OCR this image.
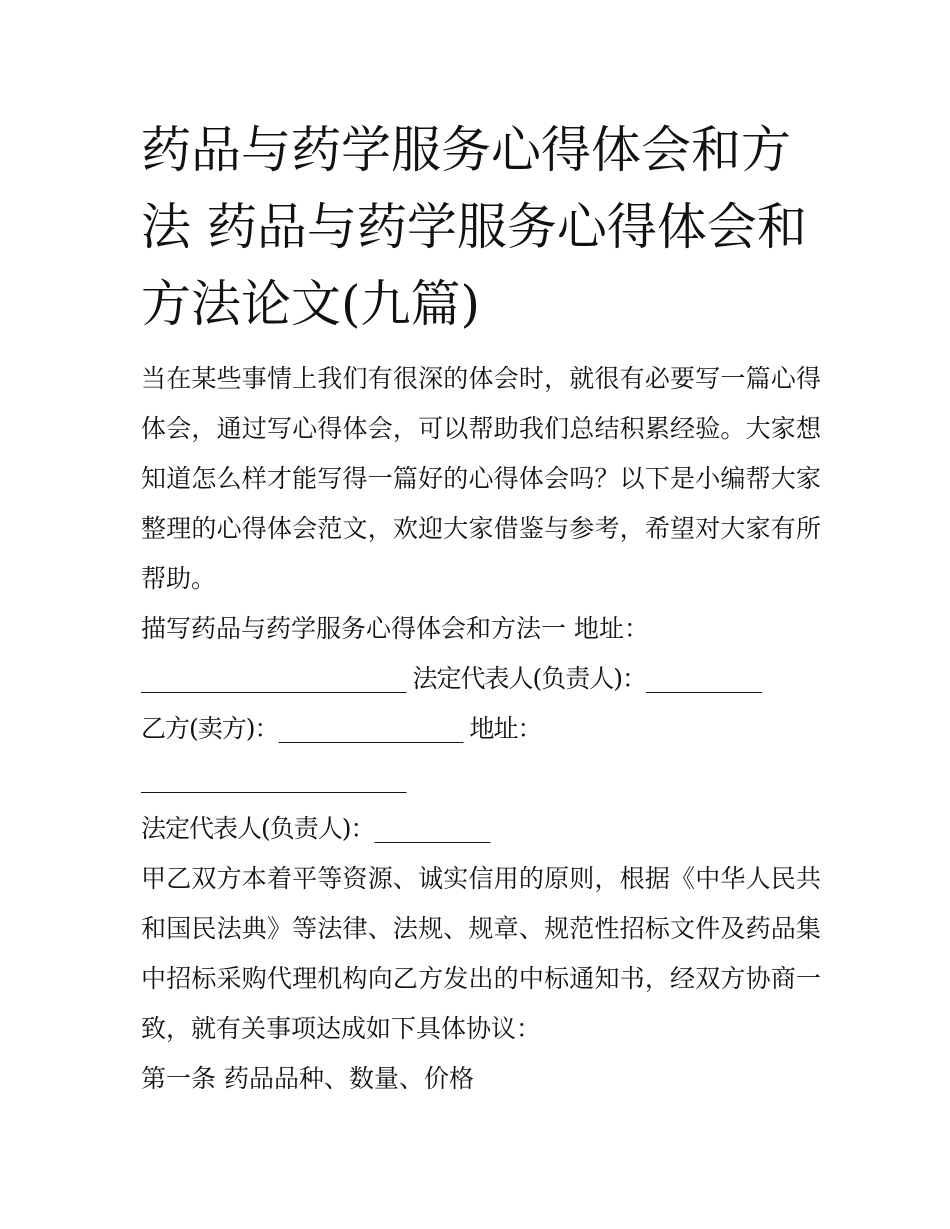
药品与药学服务心得体会和方法 药品与药学服务心得体会和方法论文(九篇)

当在某些事情上我们有很深的体会时，就很有必要写一篇心得体会，通过写心得体会，可以帮助我们总结积累经验。大家想知道怎么样才能写得一篇好的心得体会吗？以下是小编帮大家整理的心得体会范文，欢迎大家借鉴与参考，希望对大家有所帮助。

描写药品与药学服务心得体会和方法一 地址：

_______________________ 法定代表人(负责人)：__________

乙方(卖方)：________________ 地址：

_______________________

法定代表人(负责人)：__________

甲乙双方本着平等资源、诚实信用的原则，根据《中华人民共和国民法典》等法律、法规、规章、规范性招标文件及药品集中招标采购代理机构向乙方发出的中标通知书，经双方协商一致，就有关事项达成如下具体协议：

第一条 药品品种、数量、价格
